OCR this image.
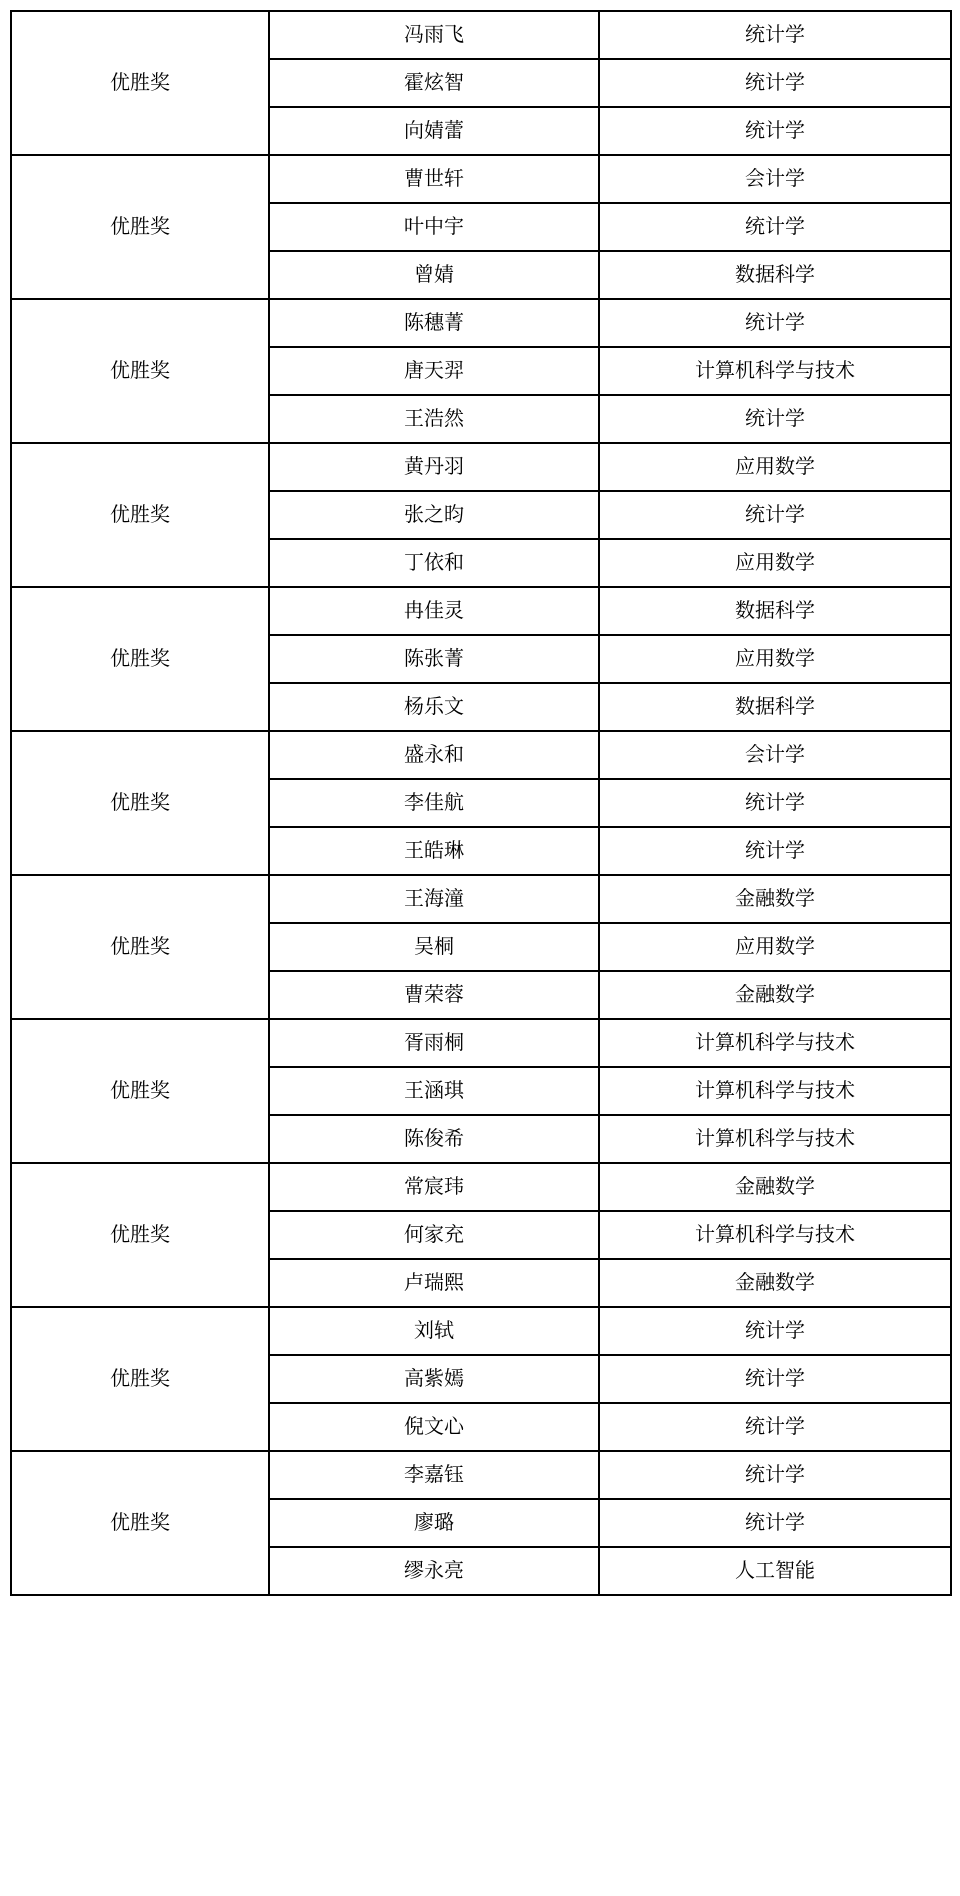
优胜奖	冯雨飞	统计学
	霍炫智	统计学
	向婧蕾	统计学
优胜奖	曹世轩	会计学
	叶中宇	统计学
	曾婧	数据科学
优胜奖	陈穗菁	统计学
	唐天羿	计算机科学与技术
	王浩然	统计学
优胜奖	黄丹羽	应用数学
	张之昀	统计学
	丁依和	应用数学
优胜奖	冉佳灵	数据科学
	陈张菁	应用数学
	杨乐文	数据科学
优胜奖	盛永和	会计学
	李佳航	统计学
	王皓琳	统计学
优胜奖	王海潼	金融数学
	吴桐	应用数学
	曹荣蓉	金融数学
优胜奖	胥雨桐	计算机科学与技术
	王涵琪	计算机科学与技术
	陈俊希	计算机科学与技术
优胜奖	常宸玮	金融数学
	何家充	计算机科学与技术
	卢瑞熙	金融数学
优胜奖	刘轼	统计学
	高紫嫣	统计学
	倪文心	统计学
优胜奖	李嘉钰	统计学
	廖璐	统计学
	缪永亮	人工智能
